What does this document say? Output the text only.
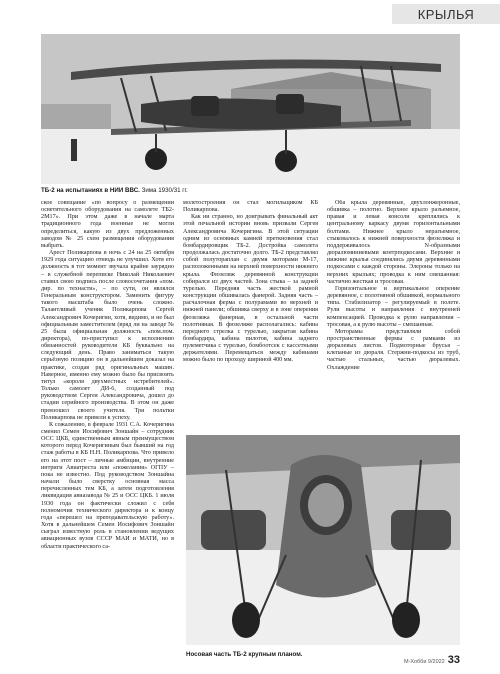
КРЫЛЬЯ
ТБ-2 на испытаниях в НИИ ВВС. Зима 1930/31 гг.

ское совещание «по вопросу о размещении осветительного оборудования на самолете ТБ2-2М17». При этом даже в начале марта традиционного года военные не могли определиться, какую из двух предложенных заводом № 25 схем размещения оборудования выбрать.

Арест Поликарпова в ночь с 24 на 25 октября 1929 года ситуацию отнюдь не улучшил. Хотя его должность в тот момент звучала крайне зауряднo – в служебной переписке Николай Николаевич ставил свою подпись после словосочетания «пом. дир. по технасти», – по сути, он являлся Генеральным конструктором. Заменить фигуру такого масштаба было очень сложно. Талантливый ученик Поликарпова Сергей Александрович Кочеригин, хотя, видимо, и не был официальным заместителем (вряд ли на заводе № 25 была официальная должность «пом.пом. директора), по-приступил к исполнению обязанностей руководителя КБ буквально на следующий день. Право заниматься такую серьёзную позицию он в дальнейшем доказал на практике, создав ряд оригинальных машин. Наверное, именно ему можно было бы присвоить титул «короля двухместных истребителей». Только самолет ДИ-6, созданный под руководством Сергея Александровича, дошел до стадии серийного производства. В этом он даже превзошел своего учителя. Три польтки Поликарпова не привели к успеху.

К сожалению, в феврале 1931 С.А. Кочеригина сменил Семен Иосифович Зоншайн – сотрудник ОСС ЦКБ, единственным явным преимуществом которого перед Кочеригиным был бывший на год стаж работы в КБ Н.Н. Поликарпова. Что привело его на этот пост – личные амбиции, внутренние интриги Авиатреста или «пожелания» ОГПУ – пока не известно. Под руководством Зоншайна начали было сверстку основная масса перечисленных тем КБ, а затем подготовления ликвидация авиазавода № 25 и ОСС ЦКБ. 1 июля 1930 года он фактически сложил с себя полномочия технического директора и к концу года «перешел на преподавательскую работу». Хотя в дальнейшем Семен Иосифович Зоншайн сыграл известную роль в становлении ведущих авиационных вузов СССР МАИ и МАТИ, но в области практического са-

молетостроения он стал могильщиком КБ Поликарпова.

Как ни странно, но доигрывать финальный акт этой печальной истории вновь призвали Сергея Александровича Кочеригина. В этой ситуации одним из основных камней преткновения стал бомбардировщик ТБ-2. Достройка самолета продолжалась достаточно долго. ТБ-2 представлял собой полутораплан с двумя моторами М-17, расположенными на верхней поверхности нижнего крыла. Фюзеляж деревянной конструкции собирался из двух частей. Зона стыка – за задней турелью. Передняя часть жесткой рамной конструкции обшивалась фанерой. Задняя часть – расчалочная ферма с полурамами во верхней и нижней панели; обшивка сверху и в зоне оперения фюзеляжа фанерная, в остальной части полотняная. В фюзеляже располагались: кабина переднего стрелка с турелью, закрытая кабина бомбардира, кабина пилотов, кабина заднего пулеметчика с турелью, бомбоотсек с кассетными держателями. Перемещаться между кабинами можно было по проходу шириной 400 мм.

Оба крыла деревянные, двухлонжеронные, обшивка – полотно. Верхнее крыло разъемное, правая и левая консоли креплялись к центральному каркасу двумя горизонтальными болтами. Нижнее крыло неразъемное, стыковалось к нижней поверхности фюзеляжа и поддерживалось N-образными дюралюминиевыми контрподкосами. Верхние и нижние крылья соединялись двумя деревянными подкосами с каждой стороны. Элероны только на верхних крыльях; проводка к ним смешанная: частично жесткая и тросовая.

Горизонтальное и вертикальное оперение деревянное, с полотняной обшивкой, нормального типа. Стабилизатор – регулируемый в полете. Рули высоты и направления с внутренней компенсацией. Проводка к рулю направления – тросовая, а к рулю высоты – смешанная.

Моторамы представляли собой пространственные фермы с рамками из дюралевых листов. Подмоторные брусья – клепаные из дюраля. Стержни-подкосы из труб, частью стальных, частью дюралевых. Охлаждение

Носовая часть ТБ-2 крупным планом.
М-Хобби 9/2022 33
